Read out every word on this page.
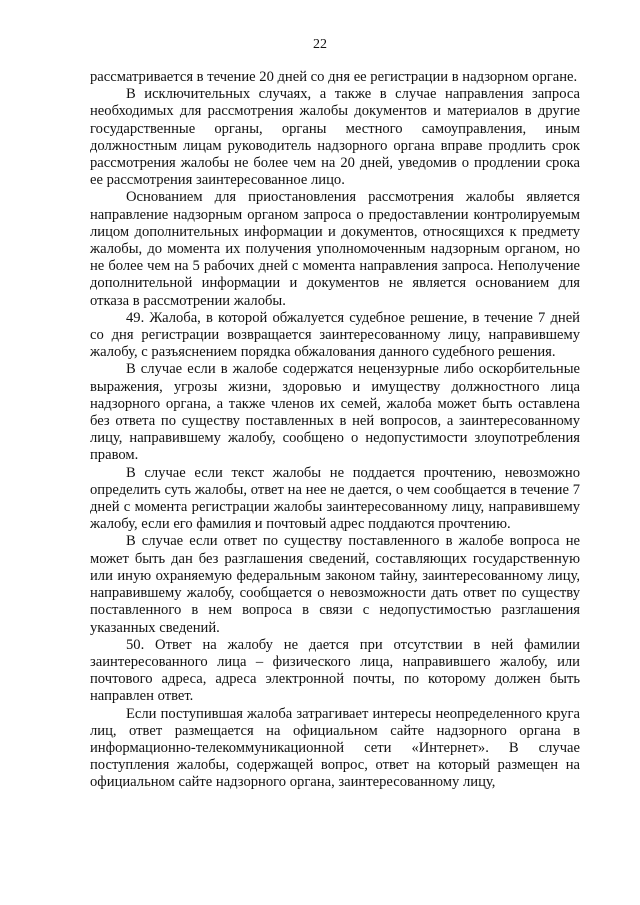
22

рассматривается в течение 20 дней со дня ее регистрации в надзорном органе.

В исключительных случаях, а также в случае направления запроса необходимых для рассмотрения жалобы документов и материалов в другие государственные органы, органы местного самоуправления, иным должностным лицам руководитель надзорного органа вправе продлить срок рассмотрения жалобы не более чем на 20 дней, уведомив о продлении срока ее рассмотрения заинтересованное лицо.

Основанием для приостановления рассмотрения жалобы является направление надзорным органом запроса о предоставлении контролируемым лицом дополнительных информации и документов, относящихся к предмету жалобы, до момента их получения уполномоченным надзорным органом, но не более чем на 5 рабочих дней с момента направления запроса. Неполучение дополнительной информации и документов не является основанием для отказа в рассмотрении жалобы.

49. Жалоба, в которой обжалуется судебное решение, в течение 7 дней со дня регистрации возвращается заинтересованному лицу, направившему жалобу, с разъяснением порядка обжалования данного судебного решения.

В случае если в жалобе содержатся нецензурные либо оскорбительные выражения, угрозы жизни, здоровью и имуществу должностного лица надзорного органа, а также членов их семей, жалоба может быть оставлена без ответа по существу поставленных в ней вопросов, а заинтересованному лицу, направившему жалобу, сообщено о недопустимости злоупотребления правом.

В случае если текст жалобы не поддается прочтению, невозможно определить суть жалобы, ответ на нее не дается, о чем сообщается в течение 7 дней с момента регистрации жалобы заинтересованному лицу, направившему жалобу, если его фамилия и почтовый адрес поддаются прочтению.

В случае если ответ по существу поставленного в жалобе вопроса не может быть дан без разглашения сведений, составляющих государственную или иную охраняемую федеральным законом тайну, заинтересованному лицу, направившему жалобу, сообщается о невозможности дать ответ по существу поставленного в нем вопроса в связи с недопустимостью разглашения указанных сведений.

50. Ответ на жалобу не дается при отсутствии в ней фамилии заинтересованного лица – физического лица, направившего жалобу, или почтового адреса, адреса электронной почты, по которому должен быть направлен ответ.

Если поступившая жалоба затрагивает интересы неопределенного круга лиц, ответ размещается на официальном сайте надзорного органа в информационно-телекоммуникационной сети «Интернет». В случае поступления жалобы, содержащей вопрос, ответ на который размещен на официальном сайте надзорного органа, заинтересованному лицу,
